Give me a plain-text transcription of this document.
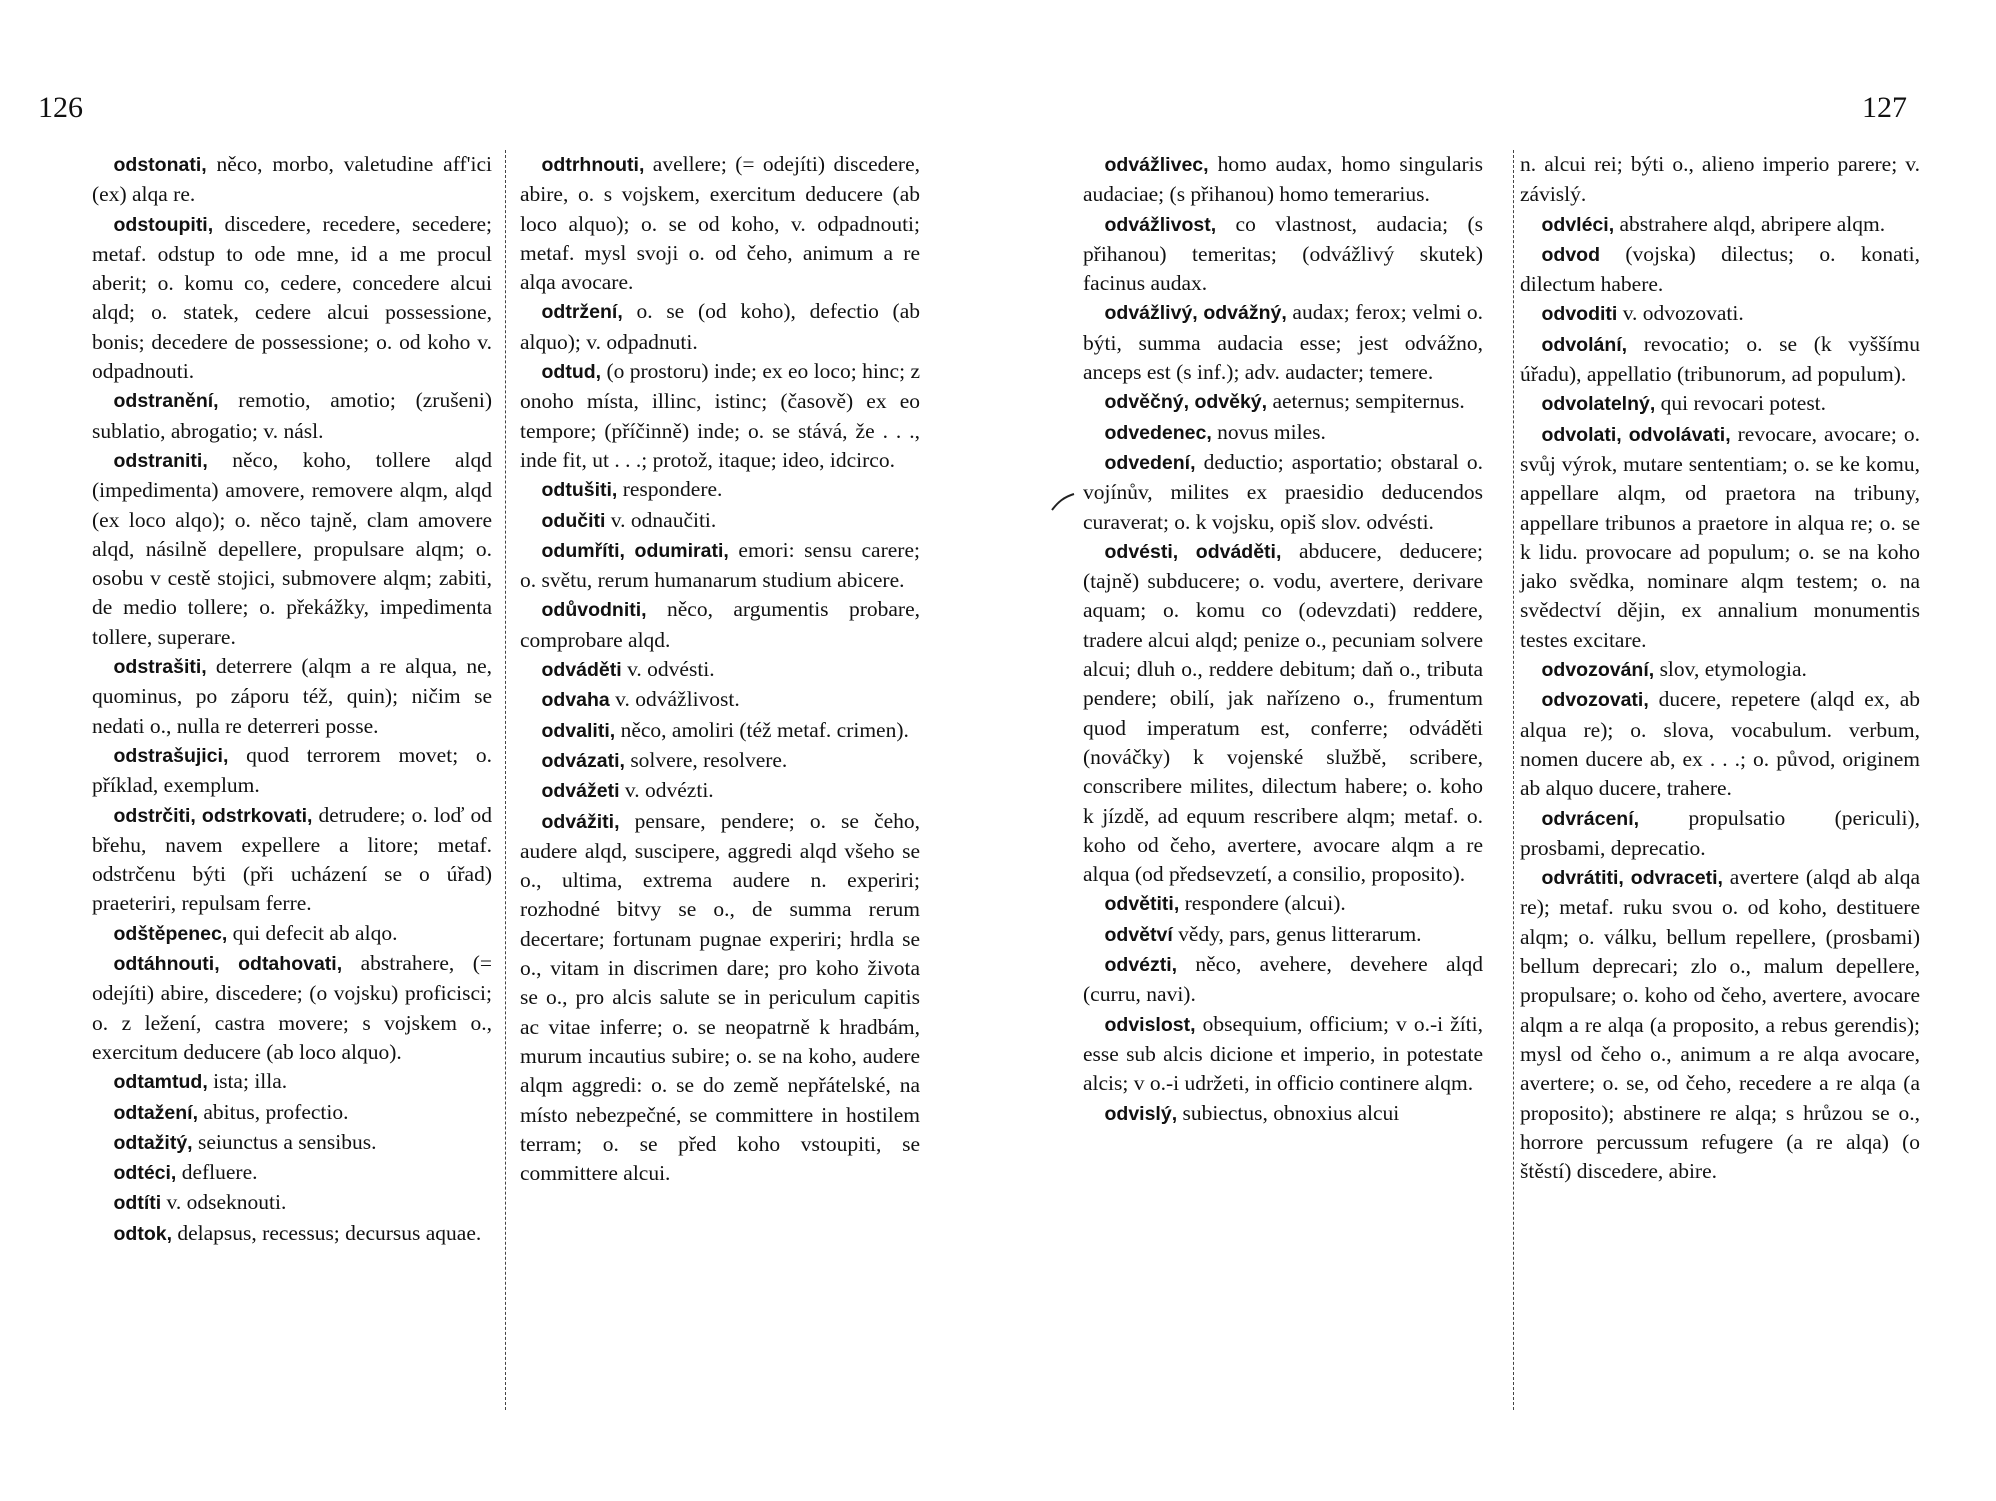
126	127

odstonati, něco, morbo, valetudine aff'ici (ex) alqa re.

odstoupiti, discedere, recedere, secedere; metaf. odstup to ode mne, id a me procul aberit; o. komu co, cedere, concedere alcui alqd; o. statek, cedere alcui possessione, bonis; decedere de possessione; o. od koho v. odpadnouti.

odstranění, remotio, amotio; (zrušeni) sublatio, abrogatio; v. násl.

odstraniti, něco, koho, tollere alqd (impedimenta) amovere, removere alqm, alqd (ex loco alqo); o. něco tajně, clam amovere alqd, násilně depellere, propulsare alqm; o. osobu v cestě stojici, submovere alqm; zabiti, de medio tollere; o. překážky, impedimenta tollere, superare.

odstrašiti, deterrere (alqm a re alqua, ne, quominus, po záporu též, quin); ničim se nedati o., nulla re deterreri posse.

odstrašujici, quod terrorem movet; o. příklad, exemplum.

odstrčiti, odstrkovati, detrudere; o. loď od břehu, navem expellere a litore; metaf. odstrčenu býti (při ucházení se o úřad) praeteriri, repulsam ferre.

odštěpenec, qui defecit ab alqo.

odtáhnouti, odtahovati, abstrahere, (= odejíti) abire, discedere; (o vojsku) proficisci; o. z ležení, castra movere; s vojskem o., exercitum deducere (ab loco alquo).

odtamtud, ista; illa.

odtažení, abitus, profectio.

odtažitý, seiunctus a sensibus.

odtéci, defluere.

odtíti v. odseknouti.

odtok, delapsus, recessus; decursus aquae.

odtrhnouti, avellere; (= odejíti) discedere, abire, o. s vojskem, exercitum deducere (ab loco alquo); o. se od koho, v. odpadnouti; metaf. mysl svoji o. od čeho, animum a re alqa avocare.

odtržení, o. se (od koho), defectio (ab alquo); v. odpadnuti.

odtud, (o prostoru) inde; ex eo loco; hinc; z onoho místa, illinc, istinc; (časově) ex eo tempore; (příčinně) inde; o. se stává, že . . ., inde fit, ut . . .; protož, itaque; ideo, idcirco.

odtušiti, respondere.

odučiti v. odnaučiti.

odumříti, odumirati, emori: sensu carere; o. světu, rerum humanarum studium abicere.

odůvodniti, něco, argumentis probare, comprobare alqd.

odváděti v. odvésti.

odvaha v. odvážlivost.

odvaliti, něco, amoliri (též metaf. crimen).

odvázati, solvere, resolvere.

odvážeti v. odvézti.

odvážiti, pensare, pendere; o. se čeho, audere alqd, suscipere, aggredi alqd všeho se o., ultima, extrema audere n. experiri; rozhodné bitvy se o., de summa rerum decertare; fortunam pugnae experiri; hrdla se o., vitam in discrimen dare; pro koho života se o., pro alcis salute se in periculum capitis ac vitae inferre; o. se neopatrně k hradbám, murum incautius subire; o. se na koho, audere alqm aggredi: o. se do země nepřátelské, na místo nebezpečné, se committere in hostilem terram; o. se před koho vstoupiti, se committere alcui.

odvážlivec, homo audax, homo singularis audaciae; (s přihanou) homo temerarius.

odvážlivost, co vlastnost, audacia; (s přihanou) temeritas; (odvážlivý skutek) facinus audax.

odvážlivý, odvážný, audax; ferox; velmi o. býti, summa audacia esse; jest odvážno, anceps est (s inf.); adv. audacter; temere.

odvěčný, odvěký, aeternus; sempiternus.

odvedenec, novus miles.

odvedení, deductio; asportatio; obstaral o. vojínův, milites ex praesidio deducendos curaverat; o. k vojsku, opiš slov. odvésti.

odvésti, odváděti, abducere, deducere; (tajně) subducere; o. vodu, avertere, derivare aquam; o. komu co (odevzdati) reddere, tradere alcui alqd; penize o., pecuniam solvere alcui; dluh o., reddere debitum; daň o., tributa pendere; obilí, jak nařízeno o., frumentum quod imperatum est, conferre; odváděti (nováčky) k vojenské službě, scribere, conscribere milites, dilectum habere; o. koho k jízdě, ad equum rescribere alqm; metaf. o. koho od čeho, avertere, avocare alqm a re alqua (od předsevzetí, a consilio, proposito).

odvětiti, respondere (alcui).

odvětví vědy, pars, genus litterarum.

odvézti, něco, avehere, devehere alqd (curru, navi).

odvislost, obsequium, officium; v o.-i žíti, esse sub alcis dicione et imperio, in potestate alcis; v o.-i udržeti, in officio continere alqm.

odvislý, subiectus, obnoxius alcui

n. alcui rei; býti o., alieno imperio parere; v. závislý.

odvléci, abstrahere alqd, abripere alqm.

odvod (vojska) dilectus; o. konati, dilectum habere.

odvoditi v. odvozovati.

odvolání, revocatio; o. se (k vyššímu úřadu), appellatio (tribunorum, ad populum).

odvolatelný, qui revocari potest.

odvolati, odvolávati, revocare, avocare; o. svůj výrok, mutare sententiam; o. se ke komu, appellare alqm, od praetora na tribuny, appellare tribunos a praetore in alqua re; o. se k lidu. provocare ad populum; o. se na koho jako svědka, nominare alqm testem; o. na svědectví dějin, ex annalium monumentis testes excitare.

odvozování, slov, etymologia.

odvozovati, ducere, repetere (alqd ex, ab alqua re); o. slova, vocabulum. verbum, nomen ducere ab, ex . . .; o. původ, originem ab alquo ducere, trahere.

odvrácení, propulsatio (periculi), prosbami, deprecatio.

odvrátiti, odvraceti, avertere (alqd ab alqa re); metaf. ruku svou o. od koho, destituere alqm; o. válku, bellum repellere, (prosbami) bellum deprecari; zlo o., malum depellere, propulsare; o. koho od čeho, avertere, avocare alqm a re alqa (a proposito, a rebus gerendis); mysl od čeho o., animum a re alqa avocare, avertere; o. se, od čeho, recedere a re alqa (a proposito); abstinere re alqa; s hrůzou se o., horrore percussum refugere (a re alqa) (o štěstí) discedere, abire.
